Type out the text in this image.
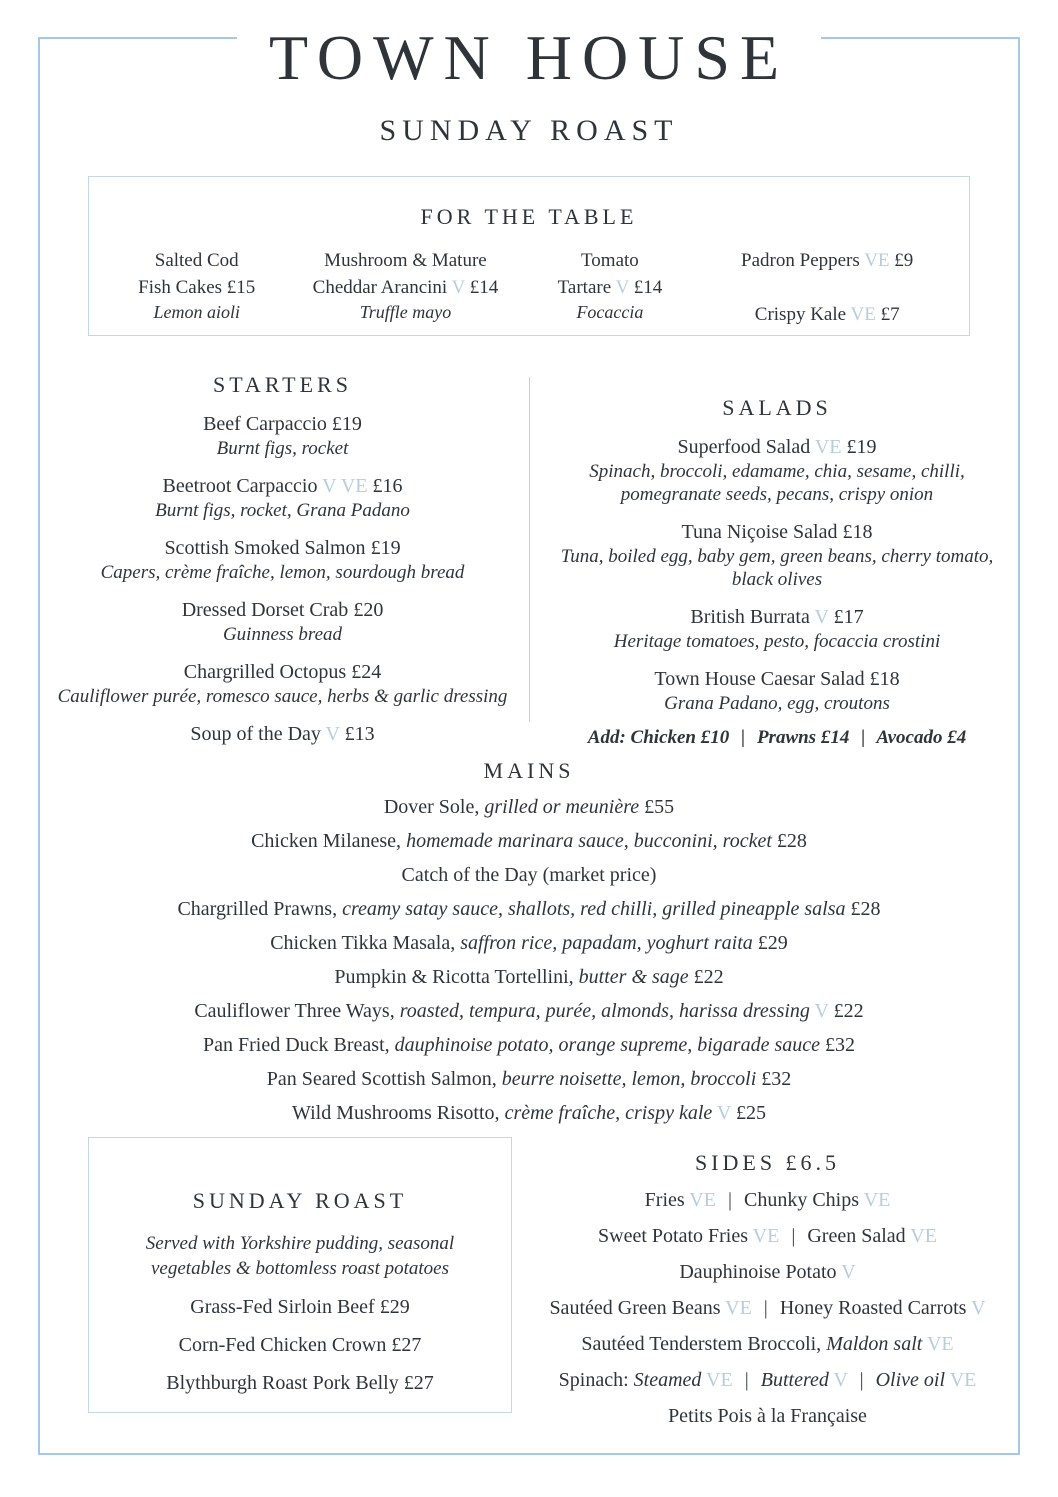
TOWN HOUSE
SUNDAY ROAST
FOR THE TABLE
Salted Cod
Fish Cakes £15
Lemon aioli
Mushroom & Mature
Cheddar Arancini V £14
Truffle mayo
Tomato
Tartare V £14
Focaccia
Padron Peppers VE £9
Crispy Kale VE £7
STARTERS
Beef Carpaccio £19
Burnt figs, rocket
Beetroot Carpaccio V VE £16
Burnt figs, rocket, Grana Padano
Scottish Smoked Salmon £19
Capers, crème fraîche, lemon, sourdough bread
Dressed Dorset Crab £20
Guinness bread
Chargrilled Octopus £24
Cauliflower purée, romesco sauce, herbs & garlic dressing
Soup of the Day V £13
SALADS
Superfood Salad VE £19
Spinach, broccoli, edamame, chia, sesame, chilli, pomegranate seeds, pecans, crispy onion
Tuna Niçoise Salad £18
Tuna, boiled egg, baby gem, green beans, cherry tomato, black olives
British Burrata V £17
Heritage tomatoes, pesto, focaccia crostini
Town House Caesar Salad £18
Grana Padano, egg, croutons
Add: Chicken £10 | Prawns £14 | Avocado £4
MAINS
Dover Sole, grilled or meunière £55
Chicken Milanese, homemade marinara sauce, bucconini, rocket £28
Catch of the Day (market price)
Chargrilled Prawns, creamy satay sauce, shallots, red chilli, grilled pineapple salsa £28
Chicken Tikka Masala, saffron rice, papadam, yoghurt raita £29
Pumpkin & Ricotta Tortellini, butter & sage £22
Cauliflower Three Ways, roasted, tempura, purée, almonds, harissa dressing V £22
Pan Fried Duck Breast, dauphinoise potato, orange supreme, bigarade sauce £32
Pan Seared Scottish Salmon, beurre noisette, lemon, broccoli £32
Wild Mushrooms Risotto, crème fraîche, crispy kale V £25
SUNDAY ROAST
Served with Yorkshire pudding, seasonal vegetables & bottomless roast potatoes
Grass-Fed Sirloin Beef £29
Corn-Fed Chicken Crown £27
Blythburgh Roast Pork Belly £27
SIDES £6.5
Fries VE | Chunky Chips VE
Sweet Potato Fries VE | Green Salad VE
Dauphinoise Potato V
Sautéed Green Beans VE | Honey Roasted Carrots V
Sautéed Tenderstem Broccoli, Maldon salt VE
Spinach: Steamed VE | Buttered V | Olive oil VE
Petits Pois à la Française
